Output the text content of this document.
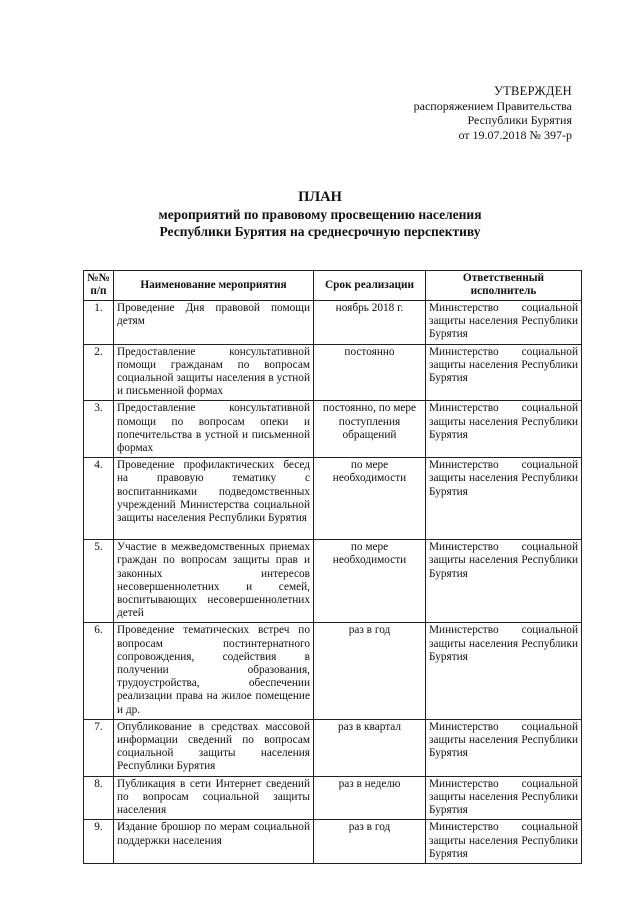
УТВЕРЖДЕН
распоряжением Правительства
Республики Бурятия
от 19.07.2018 № 397-р
ПЛАН
мероприятий по правовому просвещению населения
Республики Бурятия на среднесрочную перспективу
№№ п/п	Наименование мероприятия	Срок реализации	Ответственный исполнитель
1.	Проведение Дня правовой помощи детям	ноябрь 2018 г.	Министерство социальной защиты населения Республики Бурятия
2.	Предоставление консультативной помощи гражданам по вопросам социальной защиты населения в устной и письменной формах	постоянно	Министерство социальной защиты населения Республики Бурятия
3.	Предоставление консультативной помощи по вопросам опеки и попечительства в устной и письменной формах	постоянно, по мере поступления обращений	Министерство социальной защиты населения Республики Бурятия
4.	Проведение профилактических бесед на правовую тематику с воспитанниками подведомственных учреждений Министерства социальной защиты населения Республики Бурятия	по мере необходимости	Министерство социальной защиты населения Республики Бурятия
5.	Участие в межведомственных приемах граждан по вопросам защиты прав и законных интересов несовершеннолетних и семей, воспитывающих несовершеннолетних детей	по мере необходимости	Министерство социальной защиты населения Республики Бурятия
6.	Проведение тематических встреч по вопросам постинтернатного сопровождения, содействия в получении образования, трудоустройства, обеспечении реализации права на жилое помещение и др.	раз в год	Министерство социальной защиты населения Республики Бурятия
7.	Опубликование в средствах массовой информации сведений по вопросам социальной защиты населения Республики Бурятия	раз в квартал	Министерство социальной защиты населения Республики Бурятия
8.	Публикация в сети Интернет сведений по вопросам социальной защиты населения	раз в неделю	Министерство социальной защиты населения Республики Бурятия
9.	Издание брошюр по мерам социальной поддержки населения	раз в год	Министерство социальной защиты населения Республики Бурятия
